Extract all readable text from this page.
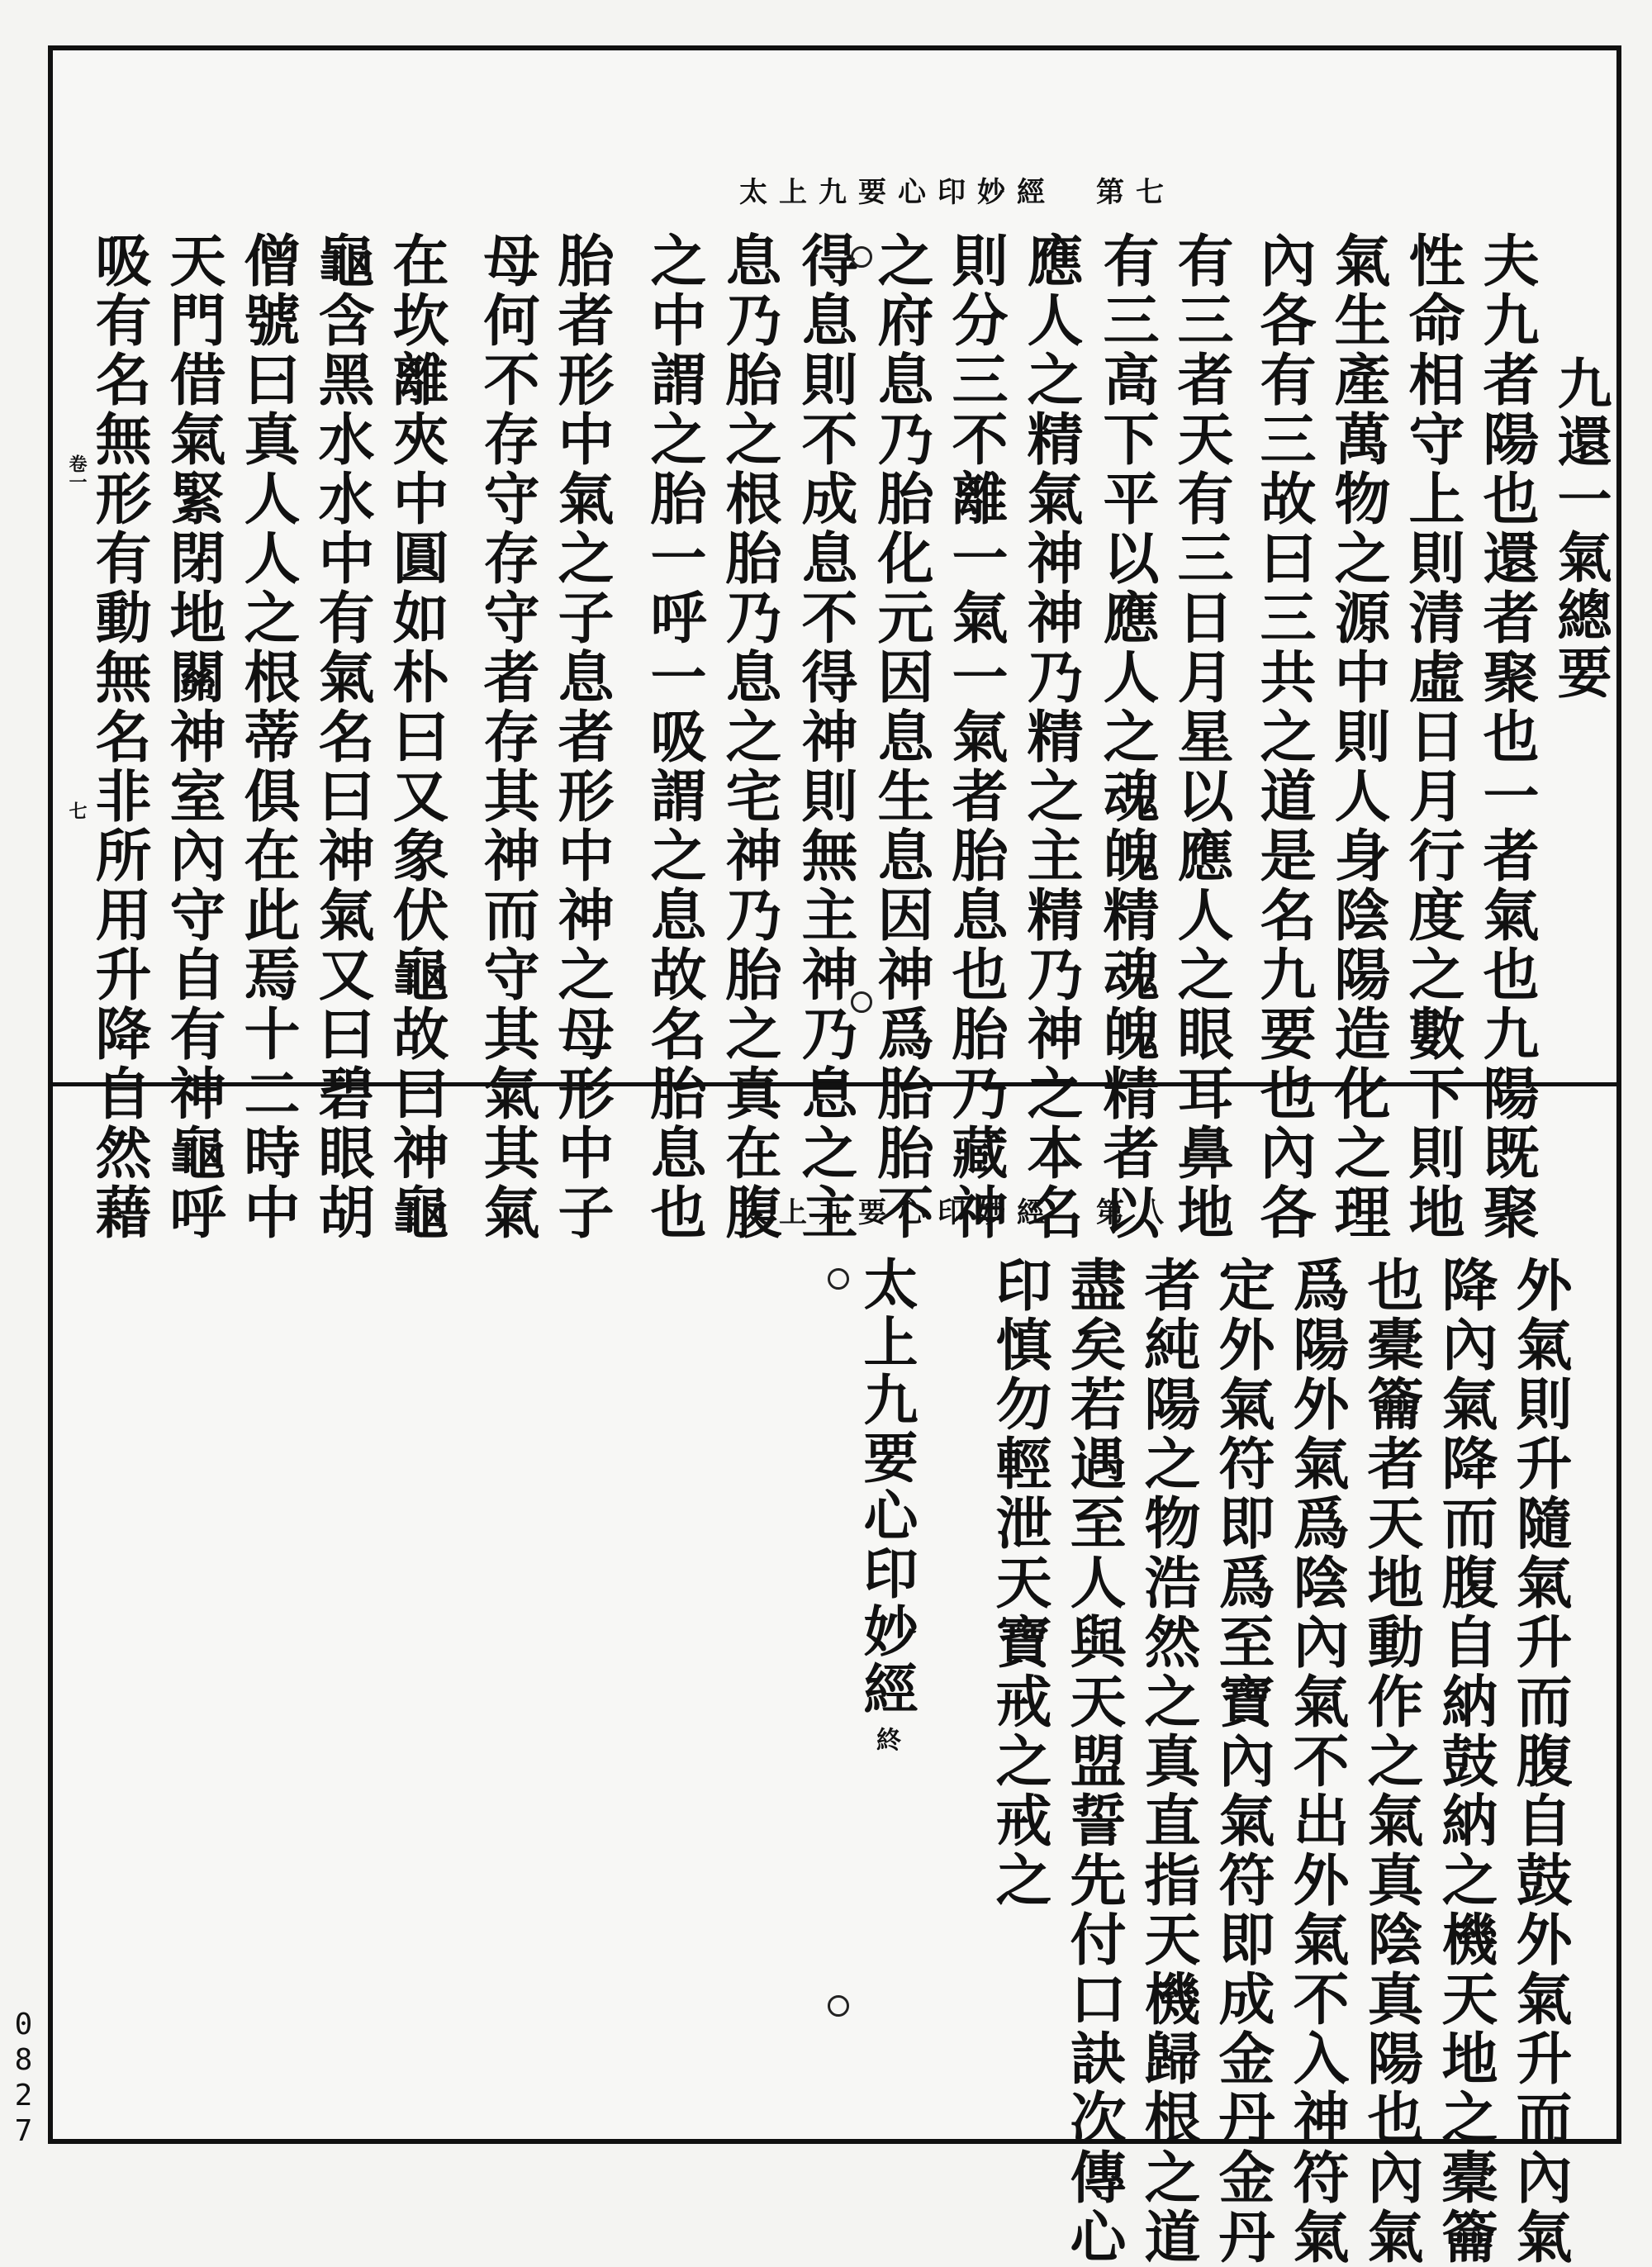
太上九要心印妙經　第七
九還一氣總要
夫九者陽也還者聚也一者氣也九陽既聚
性命相守上則清虛日月行度之數下則地
氣生產萬物之源中則人身陰陽造化之理
內各有三故曰三共之道是名九要也內各
有三者天有三日月星以應人之眼耳鼻地
有三高下平以應人之魂魄精魂魄精者以
應人之精氣神神乃精之主精乃神之本名
則分三不離一氣一氣者胎息也胎乃藏神
之府息乃胎化元因息生息因神爲胎胎不
得息則不成息不得神則無主神乃息之主
息乃胎之根胎乃息之宅神乃胎之真在腹
之中謂之胎一呼一吸謂之息故名胎息也
胎者形中氣之子息者形中神之母形中子
母何不存守存守者存其神而守其氣其氣
在坎離夾中圓如朴曰又象伏龜故曰神龜
龜含黑水水中有氣名曰神氣又曰碧眼胡
僧號曰真人人之根蒂俱在此焉十二時中
天門借氣緊閉地關神室內守自有神龜呼
吸有名無形有動無名非所用升降自然藉
卷一
七
太上九要心印妙經　第八
外氣則升隨氣升而腹自鼓外氣升而內氣
降內氣降而腹自納鼓納之機天地之橐籥
也橐籥者天地動作之氣真陰真陽也內氣
爲陽外氣爲陰內氣不出外氣不入神符氣
定外氣符即爲至寶內氣符即成金丹金丹
者純陽之物浩然之真直指天機歸根之道
盡矣若遇至人與天盟誓先付口訣次傳心
印慎勿輕泄天寶戒之戒之
太上九要心印妙經
終
0827
